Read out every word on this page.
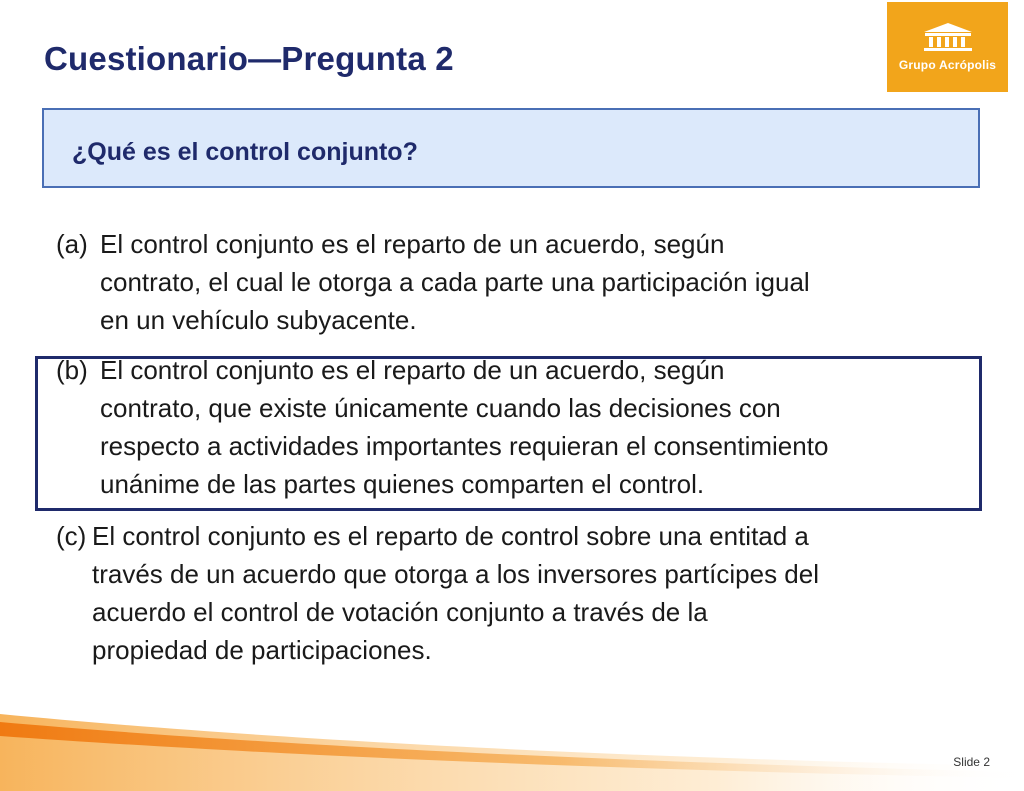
Cuestionario—Pregunta 2	Grupo Acrópolis
¿Qué es el control conjunto?
(a) El control conjunto es el reparto de un acuerdo, según
contrato, el cual le otorga a cada parte una participación igual
en un vehículo subyacente.
(b) El control conjunto es el reparto de un acuerdo, según
contrato, que existe únicamente cuando las decisiones con
respecto a actividades importantes requieran el consentimiento
unánime de las partes quienes comparten el control.
(c) El control conjunto es el reparto de control sobre una entitad a
través de un acuerdo que otorga a los inversores partícipes del
acuerdo el control de votación conjunto a través de la
propiedad de participaciones.
Slide 2
